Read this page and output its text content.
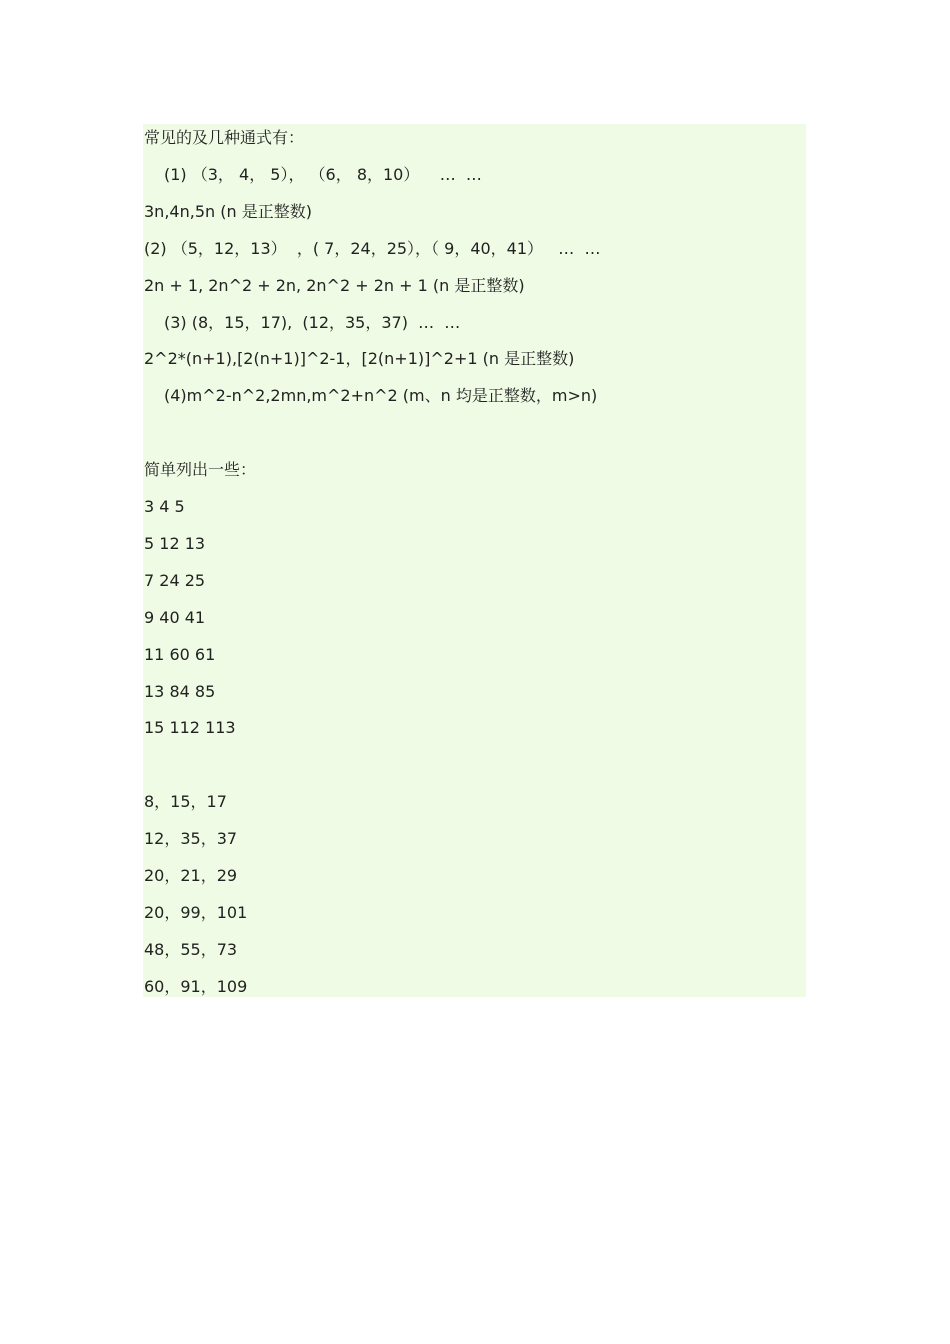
常见的及几种通式有：
(1) （3， 4， 5）， （6， 8，10）    …  …
3n,4n,5n (n 是正整数)
(2) （5，12，13）  ，( 7，24，25），（ 9，40，41）   …  …
2n + 1, 2n^2 + 2n, 2n^2 + 2n + 1 (n 是正整数)
(3) (8，15，17),  (12，35，37)  …  …
2^2*(n+1),[2(n+1)]^2-1，[2(n+1)]^2+1 (n 是正整数)
(4)m^2-n^2,2mn,m^2+n^2 (m、n 均是正整数，m>n)
简单列出一些：
3 4 5
5 12 13
7 24 25
9 40 41
11 60 61
13 84 85
15 112 113
8，15，17
12，35，37
20，21，29
20，99，101
48，55，73
60，91，109
